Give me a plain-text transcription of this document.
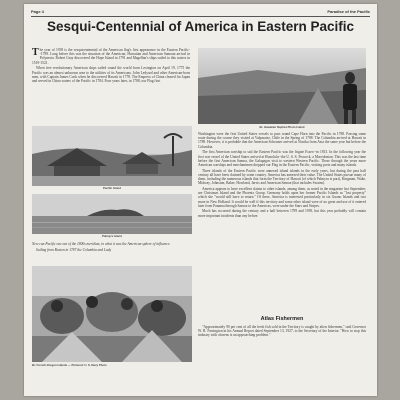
Page 4	Paradise of the Pacific
Sesqui-Centennial of America in Eastern Pacific

The year of 1939 is the sesquicentennial of the American flag's first appearance in the Eastern Pacific--1789. Long before this was the situation of the American, Hawaiian and American Samoan arrival in Polynesia. Robert Gray discovered the Hope Island in 1791 and Magellan's ships sailed to this waters in 1519-1521.

When free revolutionary American ships sailed round the world from Lexington on April 19, 1775 the Pacific was an almost unknown area to the utilities of its Americans. John Ledyard and other American-born men, with Captain James Cook when he discovered Hawaii in 1778. The Empress of China cleared for Japan and served in China waters of the Pacific in 1784. Four years later, in 1788, our Flag first

Br. Hawaiian Replica Photo Island
Pacific Island

Washington were the first United States vessels to pass round Cape Horn into the Pacific in 1788. Passing same route during the course they visited at Valparaiso, Chile in the Spring of 1788. The Columbia arrived at Hawaii in 1789. However, it is probable that the American Schooner arrived at Nootka from Asia the same year but before the Columbia.

The first American warship to sail the Eastern Pacific was the frigate Essex--in 1813. In the following year the first war vessel of the United States arrived at Honolulu--the U. S. S. Peacock, a Macedonian. This was the last time before the first American Samoa, the Galapagos visit to western Western Pacific. These through the years more American warships and merchantmen dropped our Flag in the Eastern Pacific, visiting ports and many islands.

Three islands of the Eastern Pacific were annexed island islands in the early years, but during the past half century all have been claimed by some country. America has annexed their value. The United States pursue many of them, including the numerous islands that form the Territory of Hawaii (of which Palmyra is part), Kingman, Wake, Midway, Johnston, Baker, Howland, Jarvis and American Samoa (that includes Swains).

America appears to have excellent claims to other islands, among them, as noted in the magazine last September, are Christmas Island and the Phoenix Group. Germany holds upon her former Pacific Islands as "lost property" which she "would still have to return." Of these, America is interested particularly in six Guano Islands and two more in New Holland. It would be well if this territory and some other island were of no great and use of it entered later from Panama through Samoa to the Americas, were under the Stars and Stripes.

Much has occurred during the century and a half between 1789 and 1939, but this year probably will contain more important incidents than any before.

Palmyra Island

New can Pacific one out of the 1800s meridian, in what it was the American sphere of influence.

Sailing from Boston in 1787 the Columbia and Lady

Br. French-Oregon Islands — Pictured: U. S. Navy Photo
Atlas Fishermen

"Approximately 90 per cent of all the fresh fish sold in the Territory is caught by alien fishermen," said Governor W. R. Farrington in his Annual Report dated September 13, 1927, to the Secretary of the Interior. "How to stop this industry with citizens is an approaching problem."
